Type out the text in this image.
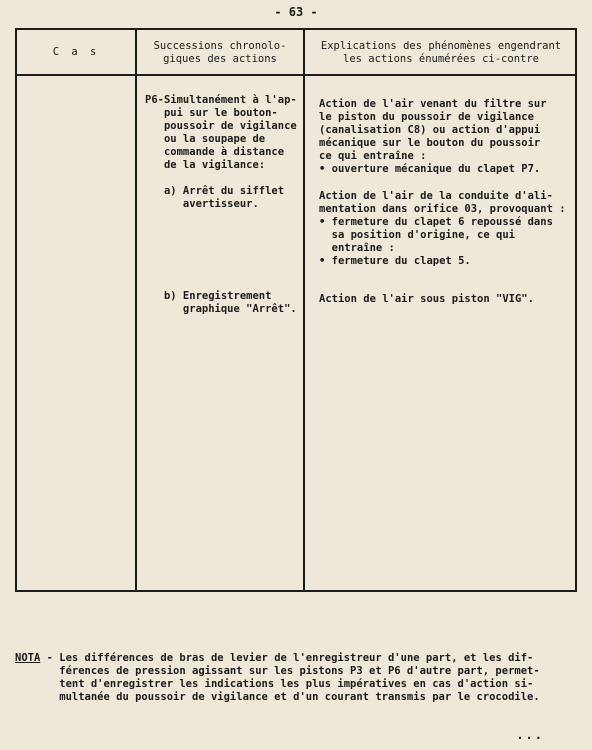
- 63 -
C a s	Successions chronolo-
giques des actions
Explications des phénomènes engendrant
les actions énumérées ci-contre
P6-Simultanément à l'ap-
pui sur le bouton-
poussoir de vigilance
ou la soupape de
commande à distance
de la vigilance:
a) Arrêt du sifflet
avertisseur.
b) Enregistrement
graphique "Arrêt".
Action de l'air venant du filtre sur
le piston du poussoir de vigilance
(canalisation C8) ou action d'appui
mécanique sur le bouton du poussoir
ce qui entraîne :
• ouverture mécanique du clapet P7.
Action de l'air de la conduite d'ali-
mentation dans orifice 03, provoquant :
• fermeture du clapet 6 repoussé dans
sa position d'origine, ce qui
entraîne :
• fermeture du clapet 5.
Action de l'air sous piston "VIG".
NOTA - Les différences de bras de levier de l'enregistreur d'une part, et les dif-
férences de pression agissant sur les pistons P3 et P6 d'autre part, permet-
tent d'enregistrer les indications les plus impératives en cas d'action si-
multanée du poussoir de vigilance et d'un courant transmis par le crocodile.
...
